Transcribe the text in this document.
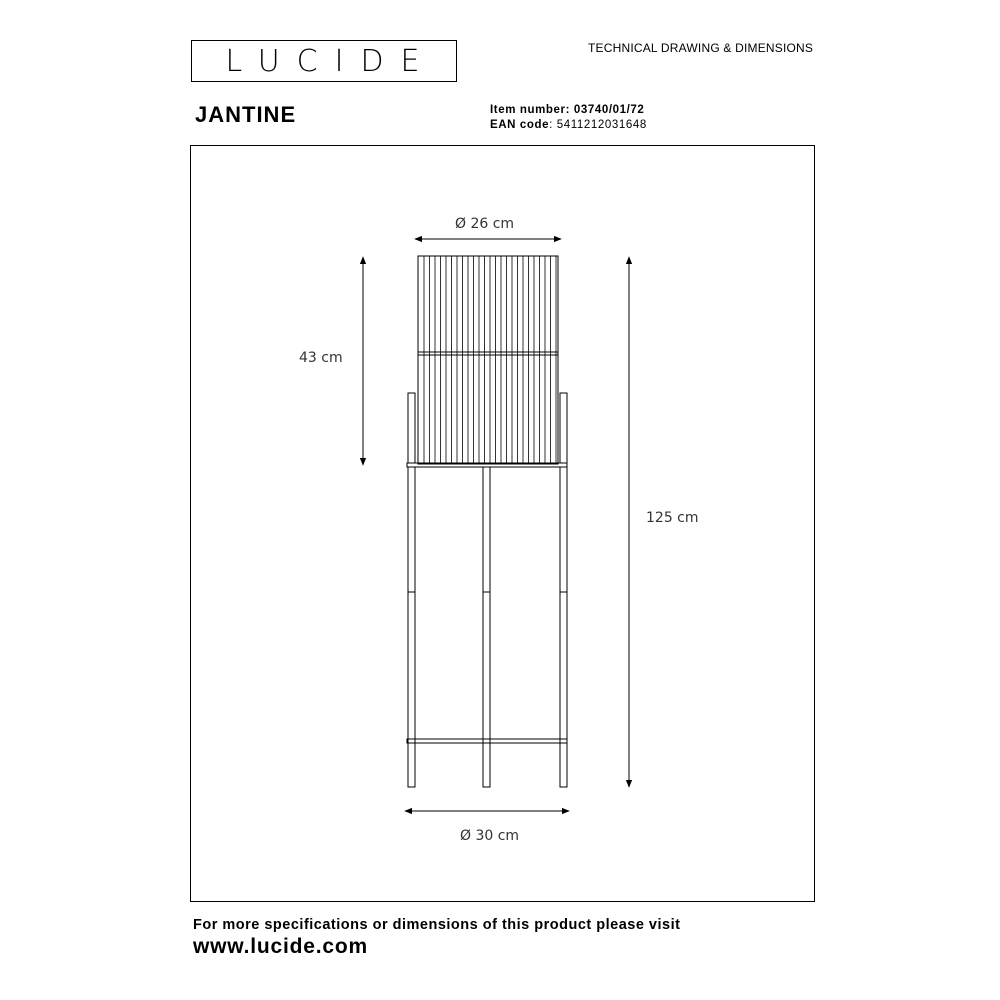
LUCIDE	TECHNICAL DRAWING & DIMENSIONS
JANTINE	Item number: 03740/01/72
EAN code: 5411212031648
Ø 26 cm
43 cm
125 cm
Ø 30 cm
For more specifications or dimensions of this product please visit
www.lucide.com
